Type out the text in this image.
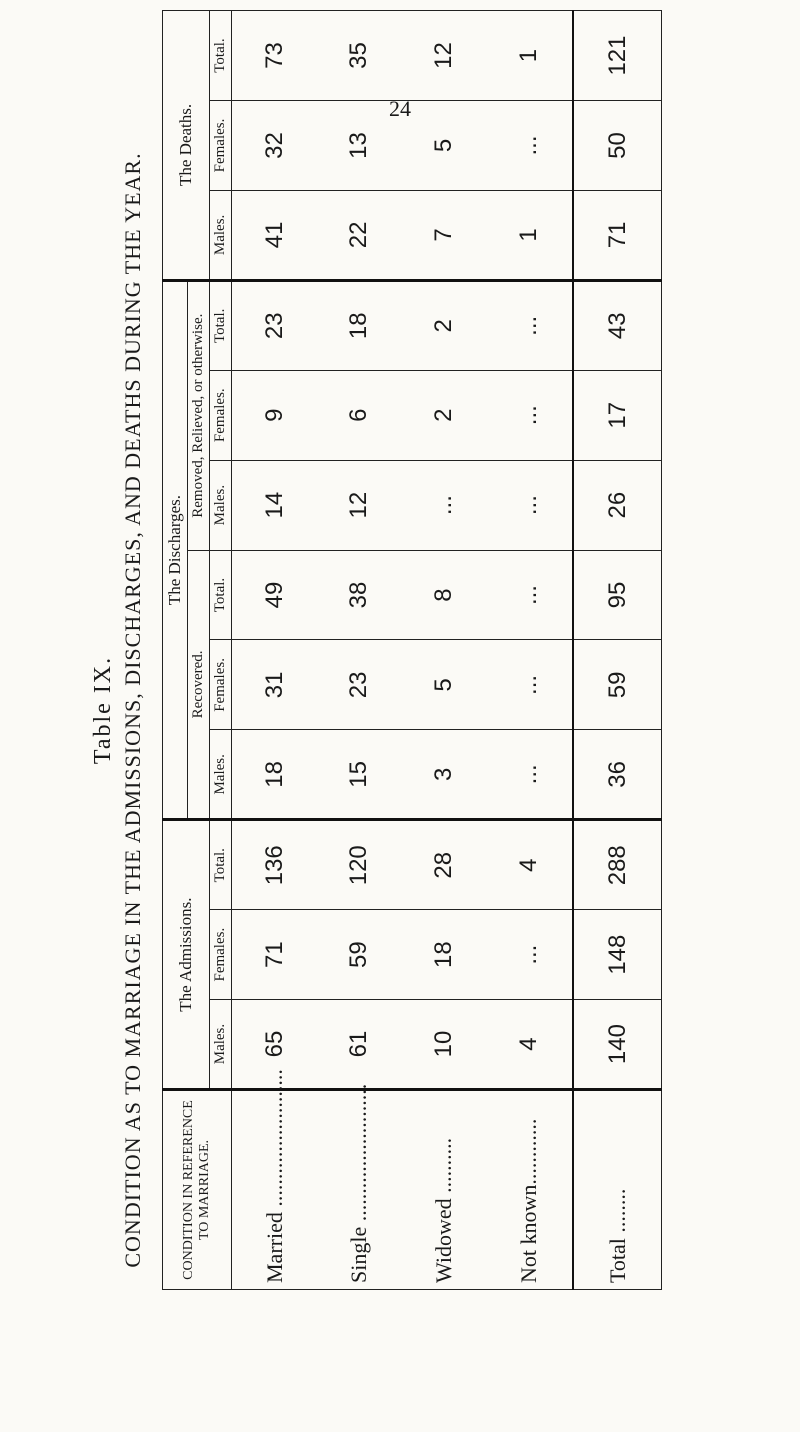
24
Table IX. CONDITION AS TO MARRIAGE IN THE ADMISSIONS, DISCHARGES, AND DEATHS DURING THE YEAR.	CONDITION IN REFERENCE TO MARRIAGE.	The Admissions.			The Discharges.						The Deaths.		
				Recovered.			Removed, Relieved, or otherwise.					
	Males.	Females.	Total.	Males.	Females.	Total.	Males.	Females.	Total.	Males.	Females.	Total.
Married .........................	65	71	136	18	31	49	14	9	23	41	32	73
Single .........................	61	59	120	15	23	38	12	6	18	22	13	35
Widowed ..........	10	18	28	3	5	8	...	2	2	7	5	12
Not known............	4	...	4	...	...	...	...	...	...	1	...	1
Total ........	140	148	288	36	59	95	26	17	43	71	50	121
